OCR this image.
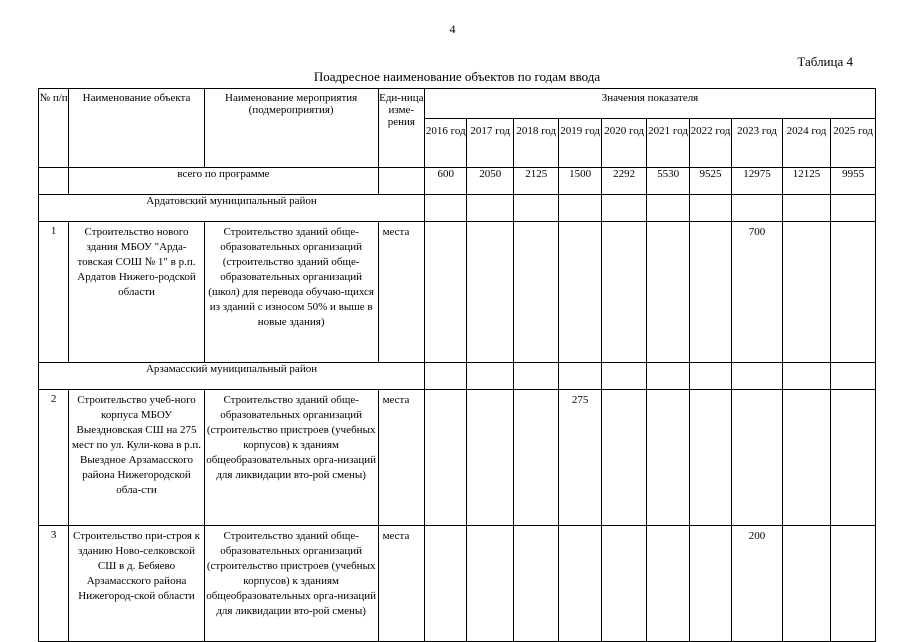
4
Таблица 4
Поадресное наименование объектов по годам ввода
№ п/п	Наименование объекта	Наименование мероприятия (подмероприятия)	Еди-ница изме-рения	Значения показателя									
				2016 год	2017 год	2018 год	2019 год	2020 год	2021 год	2022 год	2023 год	2024 год	2025 год
	всего по программе			600	2050	2125	1500	2292	5530	9525	12975	12125	9955
Ардатовский муниципальный район													
1	Строительство нового здания МБОУ "Арда-товская СОШ № 1" в р.п. Ардатов Нижего-родской области	Строительство зданий обще-образовательных организаций (строительство зданий обще-образовательных организаций (школ) для перевода обучаю-щихся из зданий с износом 50% и выше в новые здания)	места								700		
Арзамасский муниципальный район													
2	Строительство учеб-ного корпуса МБОУ Выездновская СШ на 275 мест по ул. Кули-кова в р.п. Выездное Арзамасского района Нижегородской обла-сти	Строительство зданий обще-образовательных организаций (строительство пристроев (учебных корпусов) к зданиям общеобразовательных орга-низаций для ликвидации вто-рой смены)	места				275						
3	Строительство при-строя к зданию Ново-селковской СШ в д. Бебяево Арзамасского района Нижегород-ской области	Строительство зданий обще-образовательных организаций (строительство пристроев (учебных корпусов) к зданиям общеобразовательных орга-низаций для ликвидации вто-рой смены)	места								200		
